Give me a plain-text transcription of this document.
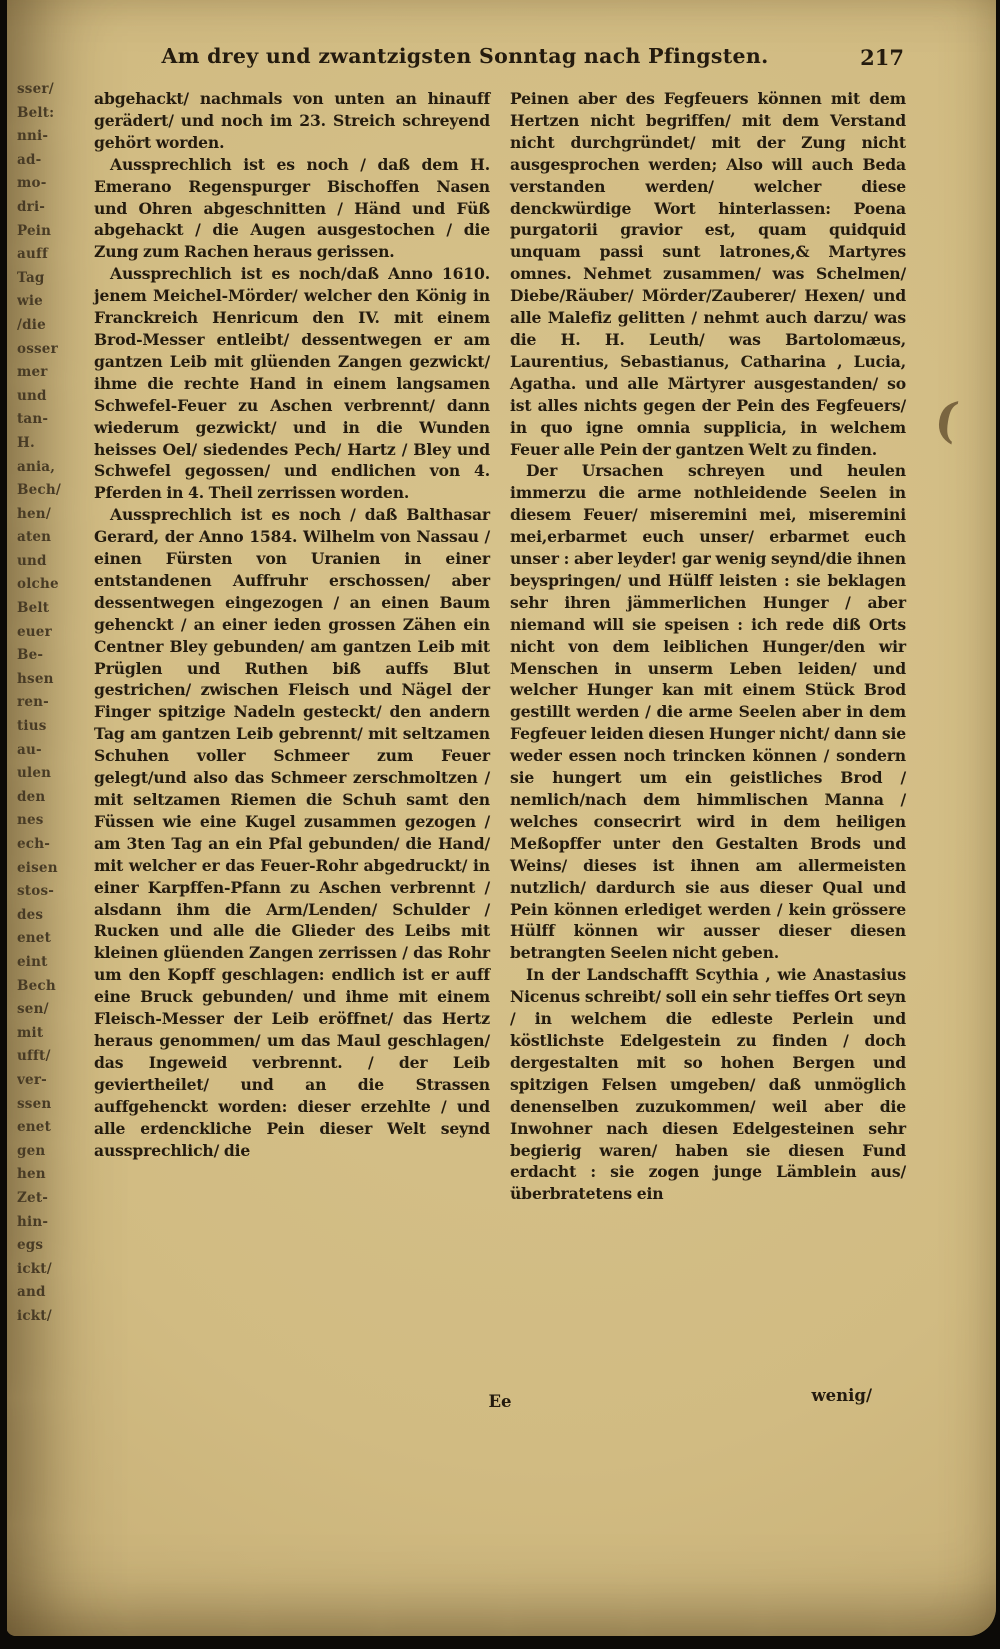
sser/
Belt:
nni-
ad-
mo-
dri-
Pein
auff
Tag
wie
/die
osser
mer
und
tan-
H.
ania,
Bech/
hen/
aten
und
olche
Belt
euer
Be-
hsen
ren-
tius
au-
ulen
den
nes
ech-
eisen
stos-
des
enet
eint
Bech
sen/
mit
ufft/
ver-
ssen
enet
gen
hen
Zet-
hin-
egs
ickt/
and
ickt/
Am drey und zwantzigsten Sonntag nach Pfingsten.	217

abgehackt/ nachmals von unten an hinauff gerädert/ und noch im 23. Streich schreyend gehört worden.

Aussprechlich ist es noch / daß dem H. Emerano Regenspurger Bischoffen Nasen und Ohren abgeschnitten / Händ und Füß abgehackt / die Augen ausgestochen / die Zung zum Rachen heraus gerissen.

Aussprechlich ist es noch/daß Anno 1610. jenem Meichel-Mörder/ welcher den König in Franckreich Henricum den IV. mit einem Brod-Messer entleibt/ dessentwegen er am gantzen Leib mit glüenden Zangen gezwickt/ ihme die rechte Hand in einem langsamen Schwefel-Feuer zu Aschen verbrennt/ dann wiederum gezwickt/ und in die Wunden heisses Oel/ siedendes Pech/ Hartz / Bley und Schwefel gegossen/ und endlichen von 4. Pferden in 4. Theil zerrissen worden.

Aussprechlich ist es noch / daß Balthasar Gerard, der Anno 1584. Wilhelm von Nassau / einen Fürsten von Uranien in einer entstandenen Auffruhr erschossen/ aber dessentwegen eingezogen / an einen Baum gehenckt / an einer ieden grossen Zähen ein Centner Bley gebunden/ am gantzen Leib mit Prüglen und Ruthen biß auffs Blut gestrichen/ zwischen Fleisch und Nägel der Finger spitzige Nadeln gesteckt/ den andern Tag am gantzen Leib gebrennt/ mit seltzamen Schuhen voller Schmeer zum Feuer gelegt/und also das Schmeer zerschmoltzen / mit seltzamen Riemen die Schuh samt den Füssen wie eine Kugel zusammen gezogen / am 3ten Tag an ein Pfal gebunden/ die Hand/ mit welcher er das Feuer-Rohr abgedruckt/ in einer Karpffen-Pfann zu Aschen verbrennt / alsdann ihm die Arm/Lenden/ Schulder / Rucken und alle die Glieder des Leibs mit kleinen glüenden Zangen zerrissen / das Rohr um den Kopff geschlagen: endlich ist er auff eine Bruck gebunden/ und ihme mit einem Fleisch-Messer der Leib eröffnet/ das Hertz heraus genommen/ um das Maul geschlagen/ das Ingeweid verbrennt. / der Leib geviertheilet/ und an die Strassen auffgehenckt worden: dieser erzehlte / und alle erdenckliche Pein dieser Welt seynd aussprechlich/ die

Peinen aber des Fegfeuers können mit dem Hertzen nicht begriffen/ mit dem Verstand nicht durchgründet/ mit der Zung nicht ausgesprochen werden; Also will auch Beda verstanden werden/ welcher diese denckwürdige Wort hinterlassen: Poena purgatorii gravior est, quam quidquid unquam passi sunt latrones,& Martyres omnes. Nehmet zusammen/ was Schelmen/ Diebe/Räuber/ Mörder/Zauberer/ Hexen/ und alle Malefiz gelitten / nehmt auch darzu/ was die H. H. Leuth/ was Bartolomæus, Laurentius, Sebastianus, Catharina , Lucia, Agatha. und alle Märtyrer ausgestanden/ so ist alles nichts gegen der Pein des Fegfeuers/ in quo igne omnia supplicia, in welchem Feuer alle Pein der gantzen Welt zu finden.

Der Ursachen schreyen und heulen immerzu die arme nothleidende Seelen in diesem Feuer/ miseremini mei, miseremini mei,erbarmet euch unser/ erbarmet euch unser : aber leyder! gar wenig seynd/die ihnen beyspringen/ und Hülff leisten : sie beklagen sehr ihren jämmerlichen Hunger / aber niemand will sie speisen : ich rede diß Orts nicht von dem leiblichen Hunger/den wir Menschen in unserm Leben leiden/ und welcher Hunger kan mit einem Stück Brod gestillt werden / die arme Seelen aber in dem Fegfeuer leiden diesen Hunger nicht/ dann sie weder essen noch trincken können / sondern sie hungert um ein geistliches Brod / nemlich/nach dem himmlischen Manna / welches consecrirt wird in dem heiligen Meßopffer unter den Gestalten Brods und Weins/ dieses ist ihnen am allermeisten nutzlich/ dardurch sie aus dieser Qual und Pein können erlediget werden / kein grössere Hülff können wir ausser dieser diesen betrangten Seelen nicht geben.

In der Landschafft Scythia , wie Anastasius Nicenus schreibt/ soll ein sehr tieffes Ort seyn / in welchem die edleste Perlein und köstlichste Edelgestein zu finden / doch dergestalten mit so hohen Bergen und spitzigen Felsen umgeben/ daß unmöglich denenselben zuzukommen/ weil aber die Inwohner nach diesen Edelgesteinen sehr begierig waren/ haben sie diesen Fund erdacht : sie zogen junge Lämblein aus/ überbratetens ein

Ee	wenig/
(
